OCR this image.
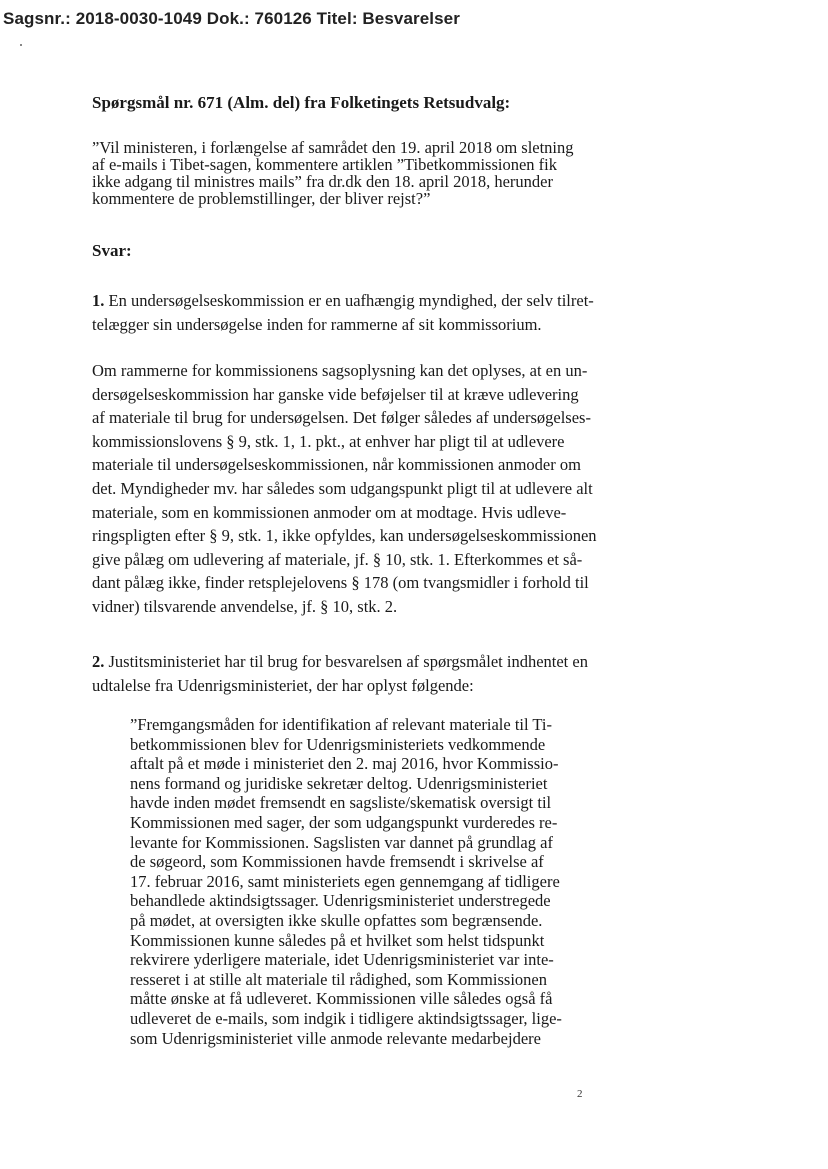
Sagsnr.: 2018-0030-1049 Dok.: 760126 Titel: Besvarelser
Spørgsmål nr. 671 (Alm. del) fra Folketingets Retsudvalg:
”Vil ministeren, i forlængelse af samrådet den 19. april 2018 om sletning
af e-mails i Tibet-sagen, kommentere artiklen ”Tibetkommissionen fik
ikke adgang til ministres mails” fra dr.dk den 18. april 2018, herunder
kommentere de problemstillinger, der bliver rejst?”
Svar:
1. En undersøgelseskommission er en uafhængig myndighed, der selv tilret-
telægger sin undersøgelse inden for rammerne af sit kommissorium.
Om rammerne for kommissionens sagsoplysning kan det oplyses, at en un-
dersøgelseskommission har ganske vide beføjelser til at kræve udlevering
af materiale til brug for undersøgelsen. Det følger således af undersøgelses-
kommissionslovens § 9, stk. 1, 1. pkt., at enhver har pligt til at udlevere
materiale til undersøgelseskommissionen, når kommissionen anmoder om
det. Myndigheder mv. har således som udgangspunkt pligt til at udlevere alt
materiale, som en kommissionen anmoder om at modtage. Hvis udleve-
ringspligten efter § 9, stk. 1, ikke opfyldes, kan undersøgelseskommissionen
give pålæg om udlevering af materiale, jf. § 10, stk. 1. Efterkommes et så-
dant pålæg ikke, finder retsplejelovens § 178 (om tvangsmidler i forhold til
vidner) tilsvarende anvendelse, jf. § 10, stk. 2.
2. Justitsministeriet har til brug for besvarelsen af spørgsmålet indhentet en
udtalelse fra Udenrigsministeriet, der har oplyst følgende:
”Fremgangsmåden for identifikation af relevant materiale til Ti-
betkommissionen blev for Udenrigsministeriets vedkommende
aftalt på et møde i ministeriet den 2. maj 2016, hvor Kommissio-
nens formand og juridiske sekretær deltog. Udenrigsministeriet
havde inden mødet fremsendt en sagsliste/skematisk oversigt til
Kommissionen med sager, der som udgangspunkt vurderedes re-
levante for Kommissionen. Sagslisten var dannet på grundlag af
de søgeord, som Kommissionen havde fremsendt i skrivelse af
17. februar 2016, samt ministeriets egen gennemgang af tidligere
behandlede aktindsigtssager. Udenrigsministeriet understregede
på mødet, at oversigten ikke skulle opfattes som begrænsende.
Kommissionen kunne således på et hvilket som helst tidspunkt
rekvirere yderligere materiale, idet Udenrigsministeriet var inte-
resseret i at stille alt materiale til rådighed, som Kommissionen
måtte ønske at få udleveret. Kommissionen ville således også få
udleveret de e-mails, som indgik i tidligere aktindsigtssager, lige-
som Udenrigsministeriet ville anmode relevante medarbejdere
2
